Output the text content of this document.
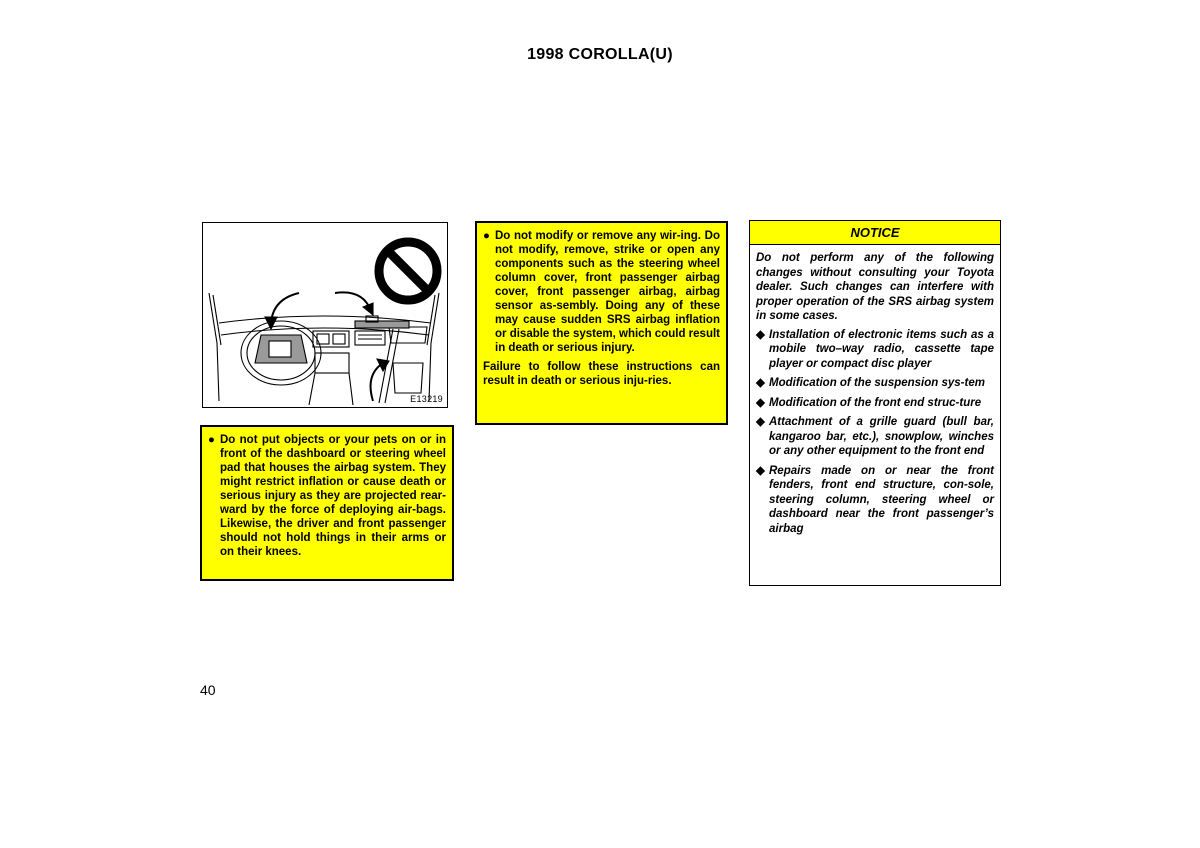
1998 COROLLA(U)
E13219
● Do not put objects or your pets on or in front of the dashboard or steering wheel pad that houses the airbag system. They might restrict inflation or cause death or serious injury as they are projected rear-ward by the force of deploying air-bags. Likewise, the driver and front passenger should not hold things in their arms or on their knees.
● Do not modify or remove any wir-ing. Do not modify, remove, strike or open any components such as the steering wheel column cover, front passenger airbag cover, front passenger airbag, airbag sensor as-sembly. Doing any of these may cause sudden SRS airbag inflation or disable the system, which could result in death or serious injury.
Failure to follow these instructions can result in death or serious inju-ries.
NOTICE
Do not perform any of the following changes without consulting your Toyota dealer. Such changes can interfere with proper operation of the SRS airbag system in some cases.
◆ Installation of electronic items such as a mobile two–way radio, cassette tape player or compact disc player
◆ Modification of the suspension sys-tem
◆ Modification of the front end struc-ture
◆ Attachment of a grille guard (bull bar, kangaroo bar, etc.), snowplow, winches or any other equipment to the front end
◆ Repairs made on or near the front fenders, front end structure, con-sole, steering column, steering wheel or dashboard near the front passenger’s airbag
40
